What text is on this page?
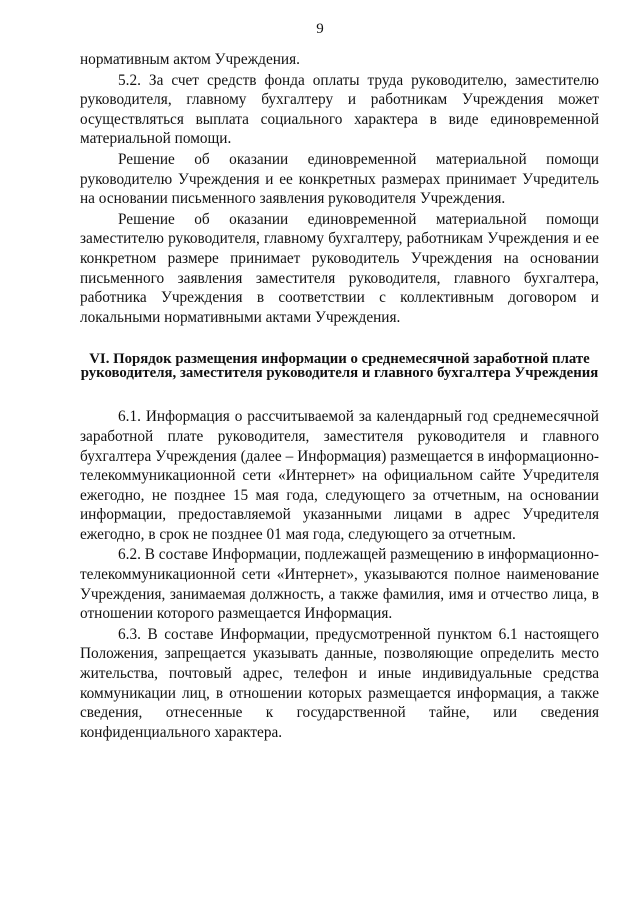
9

нормативным актом Учреждения.

5.2. За счет средств фонда оплаты труда руководителю, заместителю руководителя, главному бухгалтеру и работникам Учреждения может осуществляться выплата социального характера в виде единовременной материальной помощи.

Решение об оказании единовременной материальной помощи руководителю Учреждения и ее конкретных размерах принимает Учредитель на основании письменного заявления руководителя Учреждения.

Решение об оказании единовременной материальной помощи заместителю руководителя, главному бухгалтеру, работникам Учреждения и ее конкретном размере принимает руководитель Учреждения на основании письменного заявления заместителя руководителя, главного бухгалтера, работника Учреждения в соответствии с коллективным договором и локальными нормативными актами Учреждения.

VI. Порядок размещения информации о среднемесячной заработной плате руководителя, заместителя руководителя и главного бухгалтера Учреждения

6.1. Информация о рассчитываемой за календарный год среднемесячной заработной плате руководителя, заместителя руководителя и главного бухгалтера Учреждения (далее – Информация) размещается в информационно-телекоммуникационной сети «Интернет» на официальном сайте Учредителя ежегодно, не позднее 15 мая года, следующего за отчетным, на основании информации, предоставляемой указанными лицами в адрес Учредителя ежегодно, в срок не позднее 01 мая года, следующего за отчетным.

6.2. В составе Информации, подлежащей размещению в информационно-телекоммуникационной сети «Интернет», указываются полное наименование Учреждения, занимаемая должность, а также фамилия, имя и отчество лица, в отношении которого размещается Информация.

6.3. В составе Информации, предусмотренной пунктом 6.1 настоящего Положения, запрещается указывать данные, позволяющие определить место жительства, почтовый адрес, телефон и иные индивидуальные средства коммуникации лиц, в отношении которых размещается информация, а также сведения, отнесенные к государственной тайне, или сведения конфиденциального характера.
